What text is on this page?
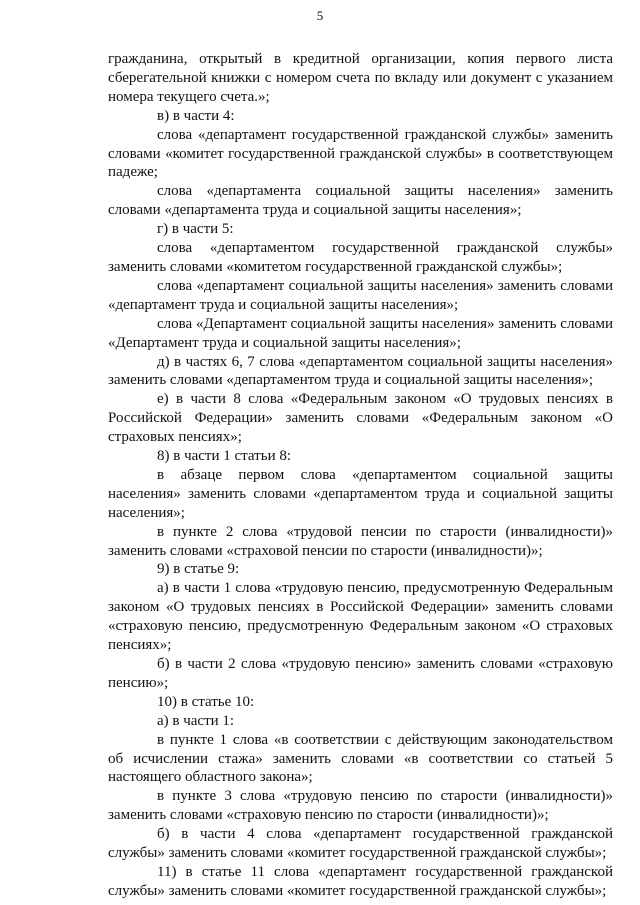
5

гражданина, открытый в кредитной организации, копия первого листа сберегательной книжки с номером счета по вкладу или документ с указанием номера текущего счета.»;

в) в части 4:

слова «департамент государственной гражданской службы» заменить словами «комитет государственной гражданской службы» в соответствующем падеже;

слова «департамента социальной защиты населения» заменить словами «департамента труда и социальной защиты населения»;

г) в части 5:

слова «департаментом государственной гражданской службы» заменить словами «комитетом государственной гражданской службы»;

слова «департамент социальной защиты населения» заменить словами «департамент труда и социальной защиты населения»;

слова «Департамент социальной защиты населения» заменить словами «Департамент труда и социальной защиты населения»;

д) в частях 6, 7 слова «департаментом социальной защиты населения» заменить словами «департаментом труда и социальной защиты населения»;

е) в части 8 слова «Федеральным законом «О трудовых пенсиях в Российской Федерации» заменить словами «Федеральным законом «О страховых пенсиях»;

8) в части 1 статьи 8:

в абзаце первом слова «департаментом социальной защиты населения» заменить словами «департаментом труда и социальной защиты населения»;

в пункте 2 слова «трудовой пенсии по старости (инвалидности)» заменить словами «страховой пенсии по старости (инвалидности)»;

9) в статье 9:

а) в части 1 слова «трудовую пенсию, предусмотренную Федеральным законом «О трудовых пенсиях в Российской Федерации» заменить словами «страховую пенсию, предусмотренную Федеральным законом «О страховых пенсиях»;

б) в части 2 слова «трудовую пенсию» заменить словами «страховую пенсию»;

10) в статье 10:

а) в части 1:

в пункте 1 слова «в соответствии с действующим законодательством об исчислении стажа» заменить словами «в соответствии со статьей 5 настоящего областного закона»;

в пункте 3 слова «трудовую пенсию по старости (инвалидности)» заменить словами «страховую пенсию по старости (инвалидности)»;

б) в части 4 слова «департамент государственной гражданской службы» заменить словами «комитет государственной гражданской службы»;

11) в статье 11 слова «департамент государственной гражданской службы» заменить словами «комитет государственной гражданской службы»;
